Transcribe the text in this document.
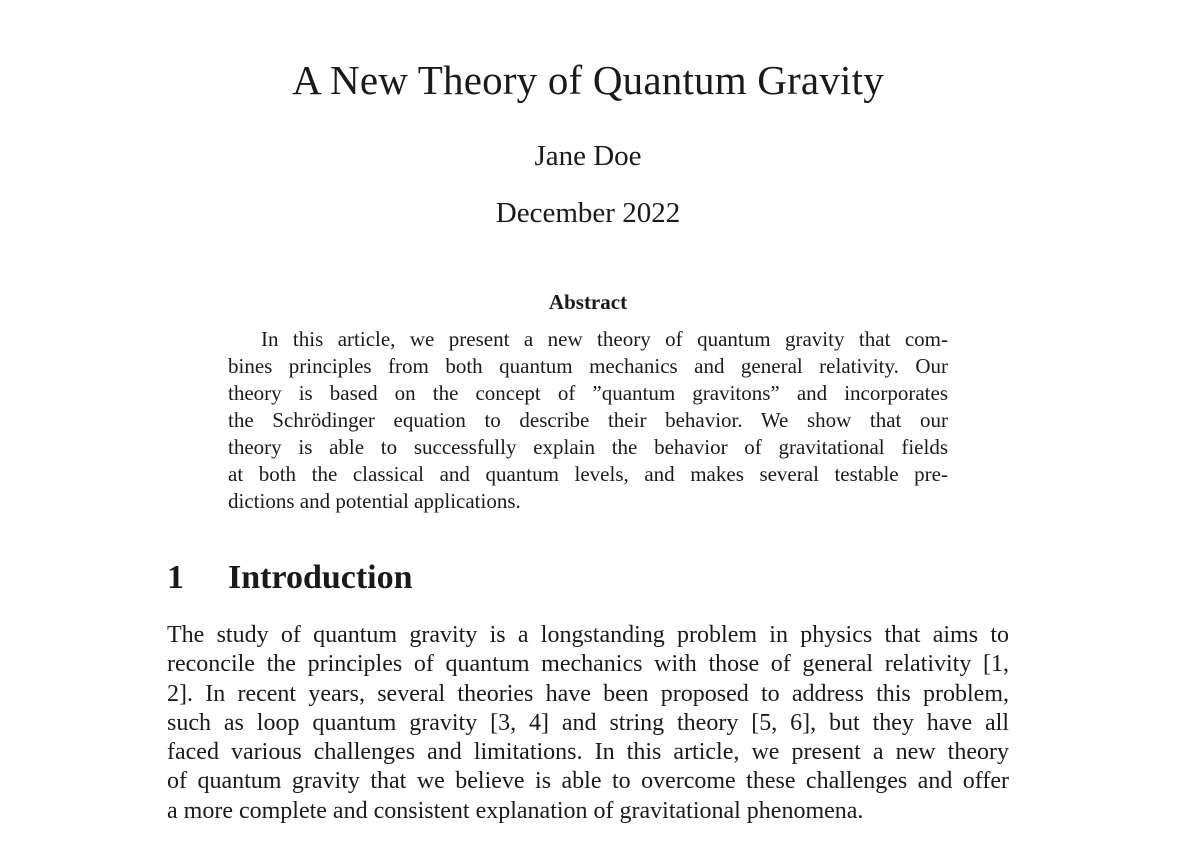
A New Theory of Quantum Gravity
Jane Doe
December 2022
Abstract
In this article, we present a new theory of quantum gravity that com-
bines principles from both quantum mechanics and general relativity. Our
theory is based on the concept of ”quantum gravitons” and incorporates
the Schrödinger equation to describe their behavior. We show that our
theory is able to successfully explain the behavior of gravitational fields
at both the classical and quantum levels, and makes several testable pre-
dictions and potential applications.
1 Introduction
The study of quantum gravity is a longstanding problem in physics that aims to
reconcile the principles of quantum mechanics with those of general relativity [1,
2]. In recent years, several theories have been proposed to address this problem,
such as loop quantum gravity [3, 4] and string theory [5, 6], but they have all
faced various challenges and limitations. In this article, we present a new theory
of quantum gravity that we believe is able to overcome these challenges and offer
a more complete and consistent explanation of gravitational phenomena.
